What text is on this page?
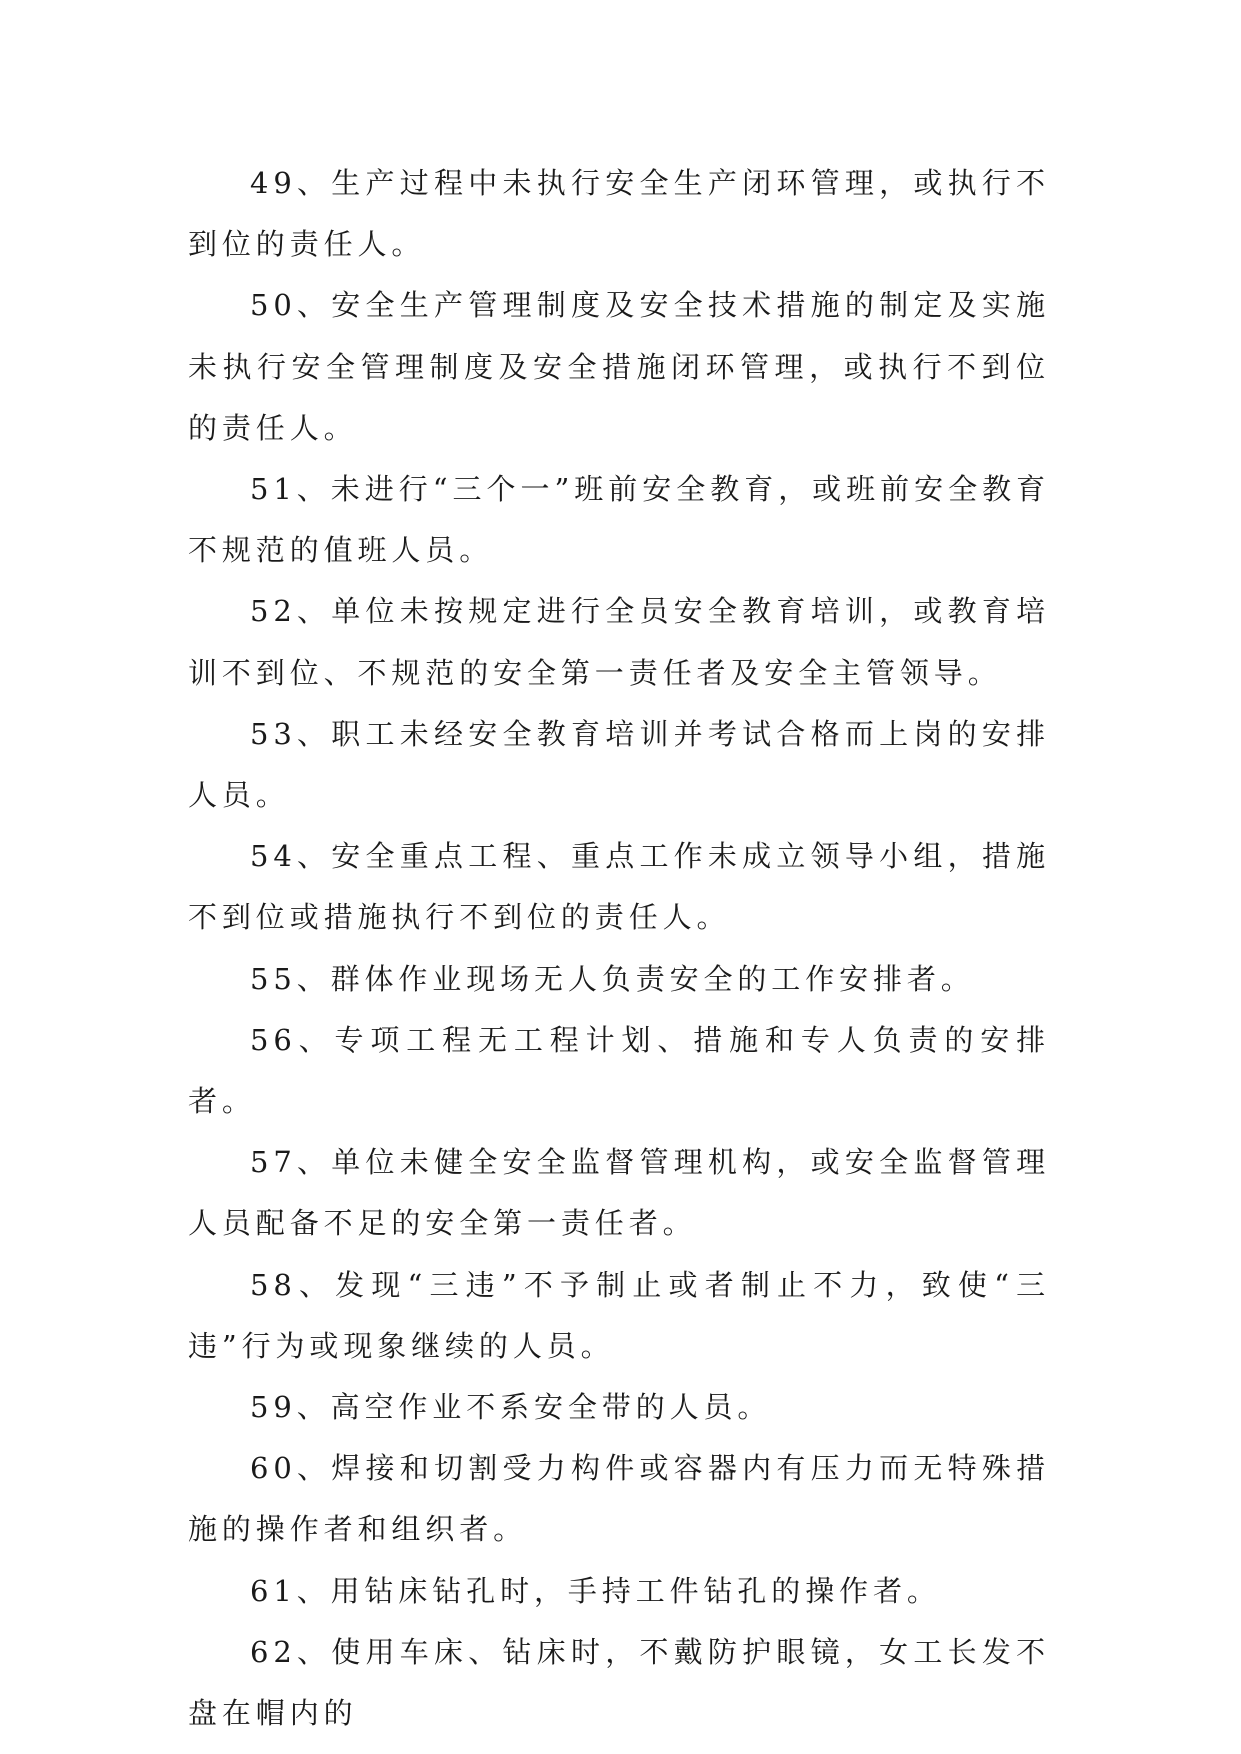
49、生产过程中未执行安全生产闭环管理，或执行不到位的责任人。

50、安全生产管理制度及安全技术措施的制定及实施未执行安全管理制度及安全措施闭环管理，或执行不到位的责任人。

51、未进行“三个一”班前安全教育，或班前安全教育不规范的值班人员。

52、单位未按规定进行全员安全教育培训，或教育培训不到位、不规范的安全第一责任者及安全主管领导。

53、职工未经安全教育培训并考试合格而上岗的安排人员。

54、安全重点工程、重点工作未成立领导小组，措施不到位或措施执行不到位的责任人。

55、群体作业现场无人负责安全的工作安排者。

56、专项工程无工程计划、措施和专人负责的安排者。

57、单位未健全安全监督管理机构，或安全监督管理人员配备不足的安全第一责任者。

58、发现“三违”不予制止或者制止不力，致使“三违”行为或现象继续的人员。

59、高空作业不系安全带的人员。

60、焊接和切割受力构件或容器内有压力而无特殊措施的操作者和组织者。

61、用钻床钻孔时，手持工件钻孔的操作者。

62、使用车床、钻床时，不戴防护眼镜，女工长发不盘在帽内的
